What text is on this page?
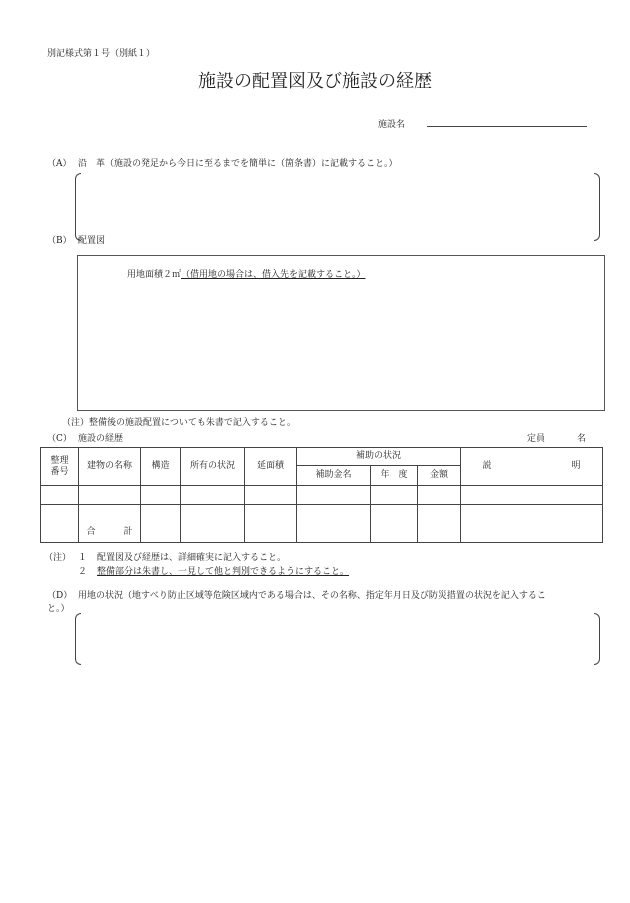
別記様式第１号（別紙１）
施設の配置図及び施設の経歴
施設名
（A） 沿　革（施設の発足から今日に至るまでを簡単に（箇条書）に記載すること。）
（B） 配置図
用地面積２㎡（借用地の場合は、借入先を記載すること。）
（注）整備後の施設配置についても朱書で記入すること。
（C） 施設の経歴	定員	名
整理
番号	建物の名称	構造	所有の状況	延面積	補助の状況			説 明
					補助金名	年　度	金額	

	合 計							
（注） １ 配置図及び経歴は、詳細確実に記入すること。
２ 整備部分は朱書し、一見して他と判別できるようにすること。
（D） 用地の状況（地すべり防止区域等危険区域内である場合は、その名称、指定年月日及び防災措置の状況を記入するこ
と。）
